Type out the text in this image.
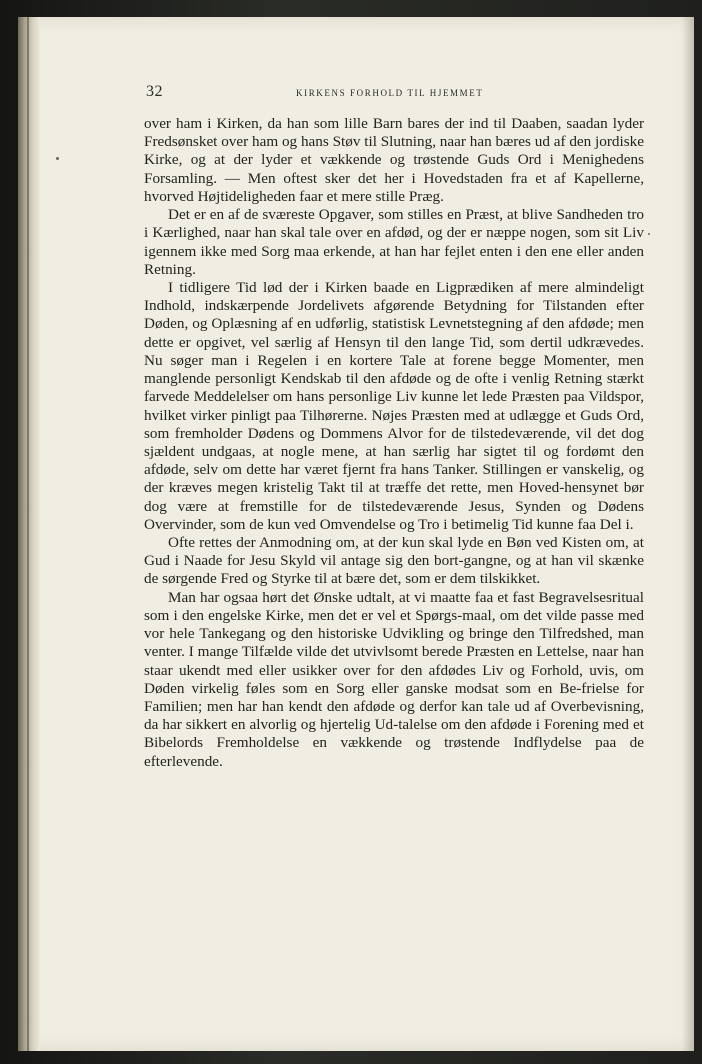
32	KIRKENS FORHOLD TIL HJEMMET

over ham i Kirken, da han som lille Barn bares der ind til Daaben, saadan lyder Fredsønsket over ham og hans Støv til Slutning, naar han bæres ud af den jordiske Kirke, og at der lyder et vækkende og trøstende Guds Ord i Menighedens Forsamling. — Men oftest sker det her i Hovedstaden fra et af Kapellerne, hvorved Højtideligheden faar et mere stille Præg.

Det er en af de sværeste Opgaver, som stilles en Præst, at blive Sandheden tro i Kærlighed, naar han skal tale over en afdød, og der er næppe nogen, som sit Liv igennem ikke med Sorg maa erkende, at han har fejlet enten i den ene eller anden Retning.

I tidligere Tid lød der i Kirken baade en Ligprædiken af mere almindeligt Indhold, indskærpende Jordelivets afgørende Betydning for Tilstanden efter Døden, og Oplæsning af en udførlig, statistisk Levnetstegning af den afdøde; men dette er opgivet, vel særlig af Hensyn til den lange Tid, som dertil udkrævedes. Nu søger man i Regelen i en kortere Tale at forene begge Momenter, men manglende personligt Kendskab til den afdøde og de ofte i venlig Retning stærkt farvede Meddelelser om hans personlige Liv kunne let lede Præsten paa Vildspor, hvilket virker pinligt paa Tilhørerne. Nøjes Præsten med at udlægge et Guds Ord, som fremholder Dødens og Dommens Alvor for de tilstedeværende, vil det dog sjældent undgaas, at nogle mene, at han særlig har sigtet til og fordømt den afdøde, selv om dette har været fjernt fra hans Tanker. Stillingen er vanskelig, og der kræves megen kristelig Takt til at træffe det rette, men Hoved-hensynet bør dog være at fremstille for de tilstedeværende Jesus, Synden og Dødens Overvinder, som de kun ved Omvendelse og Tro i betimelig Tid kunne faa Del i.

Ofte rettes der Anmodning om, at der kun skal lyde en Bøn ved Kisten om, at Gud i Naade for Jesu Skyld vil antage sig den bort-gangne, og at han vil skænke de sørgende Fred og Styrke til at bære det, som er dem tilskikket.

Man har ogsaa hørt det Ønske udtalt, at vi maatte faa et fast Begravelsesritual som i den engelske Kirke, men det er vel et Spørgs-maal, om det vilde passe med vor hele Tankegang og den historiske Udvikling og bringe den Tilfredshed, man venter. I mange Tilfælde vilde det utvivlsomt berede Præsten en Lettelse, naar han staar ukendt med eller usikker over for den afdødes Liv og Forhold, uvis, om Døden virkelig føles som en Sorg eller ganske modsat som en Be-frielse for Familien; men har han kendt den afdøde og derfor kan tale ud af Overbevisning, da har sikkert en alvorlig og hjertelig Ud-talelse om den afdøde i Forening med et Bibelords Fremholdelse en vækkende og trøstende Indflydelse paa de efterlevende.
